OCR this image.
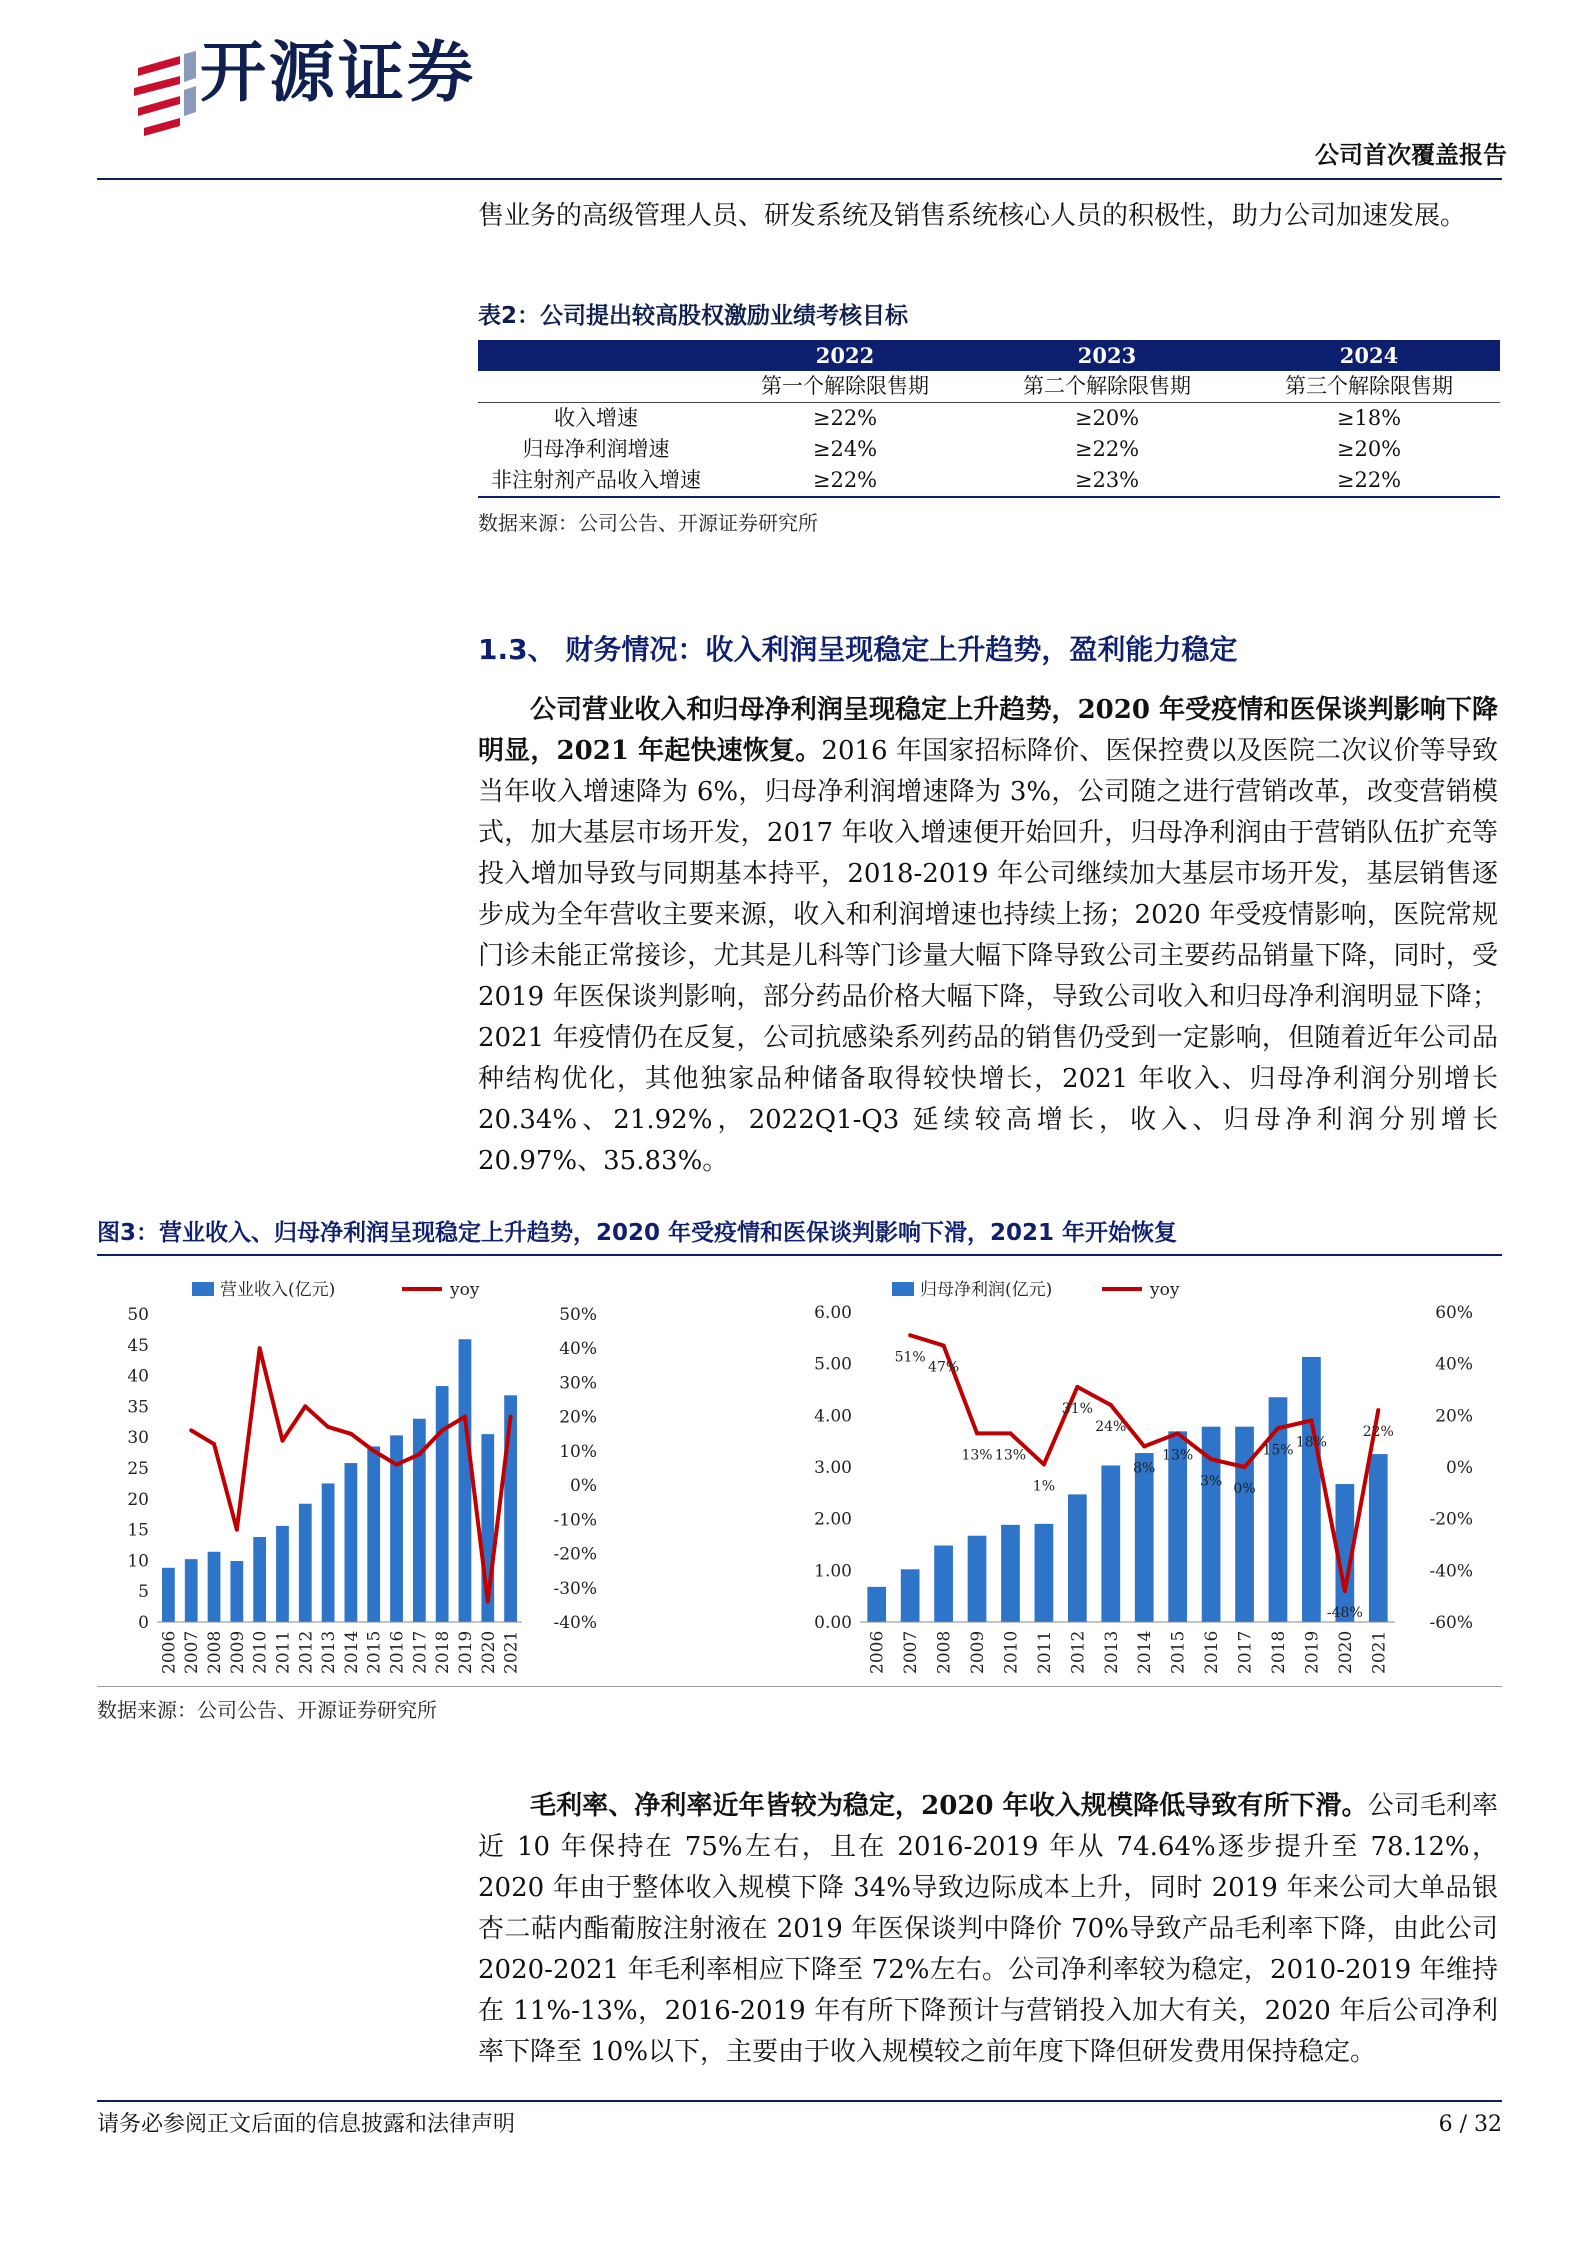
开源证券
公司首次覆盖报告

售业务的高级管理人员、研发系统及销售系统核心人员的积极性，助力公司加速发展。

表2：公司提出较高股权激励业绩考核目标
	2022	2023	2024
	第一个解除限售期	第二个解除限售期	第三个解除限售期
收入增速	≥22%	≥20%	≥18%
归母净利润增速	≥24%	≥22%	≥20%
非注射剂产品收入增速	≥22%	≥23%	≥22%
数据来源：公司公告、开源证券研究所
1.3、 财务情况：收入利润呈现稳定上升趋势，盈利能力稳定

公司营业收入和归母净利润呈现稳定上升趋势，2020 年受疫情和医保谈判影响下降明显，2021 年起快速恢复。2016 年国家招标降价、医保控费以及医院二次议价等导致当年收入增速降为 6%，归母净利润增速降为 3%，公司随之进行营销改革，改变营销模式，加大基层市场开发，2017 年收入增速便开始回升，归母净利润由于营销队伍扩充等投入增加导致与同期基本持平，2018-2019 年公司继续加大基层市场开发，基层销售逐步成为全年营收主要来源，收入和利润增速也持续上扬；2020 年受疫情影响，医院常规门诊未能正常接诊，尤其是儿科等门诊量大幅下降导致公司主要药品销量下降，同时，受 2019 年医保谈判影响，部分药品价格大幅下降，导致公司收入和归母净利润明显下降；2021 年疫情仍在反复，公司抗感染系列药品的销售仍受到一定影响，但随着近年公司品种结构优化，其他独家品种储备取得较快增长，2021 年收入、归母净利润分别增长 20.34%、21.92%，2022Q1-Q3 延续较高增长，收入、归母净利润分别增长 20.97%、35.83%。

图3：营业收入、归母净利润呈现稳定上升趋势，2020 年受疫情和医保谈判影响下滑，2021 年开始恢复
营业收入(亿元)	yoy
50
45
40
35
30
25
20
15
10
5
0
50%
40%
30%
20%
10%
0%
-10%
-20%
-30%
-40%
2006 2007 2008 2009 2010 2011 2012 2013 2014 2015 2016 2017 2018 2019 2020 2021
归母净利润(亿元)	yoy
6.00
5.00
4.00
3.00
2.00
1.00
0.00
60%
40%
20%
0%
-20%
-40%
-60%
2006 2007 2008 2009 2010 2011 2012 2013 2014 2015 2016 2017 2018 2019 2020 2021
51%
47%
13% 13%
1%
31%
24%
8%
13%
3% 0%
15% 18%
-48%
22%
数据来源：公司公告、开源证券研究所

毛利率、净利率近年皆较为稳定，2020 年收入规模降低导致有所下滑。公司毛利率近 10 年保持在 75%左右，且在 2016-2019 年从 74.64%逐步提升至 78.12%，2020 年由于整体收入规模下降 34%导致边际成本上升，同时 2019 年来公司大单品银杏二萜内酯葡胺注射液在 2019 年医保谈判中降价 70%导致产品毛利率下降，由此公司 2020-2021 年毛利率相应下降至 72%左右。公司净利率较为稳定，2010-2019 年维持在 11%-13%，2016-2019 年有所下降预计与营销投入加大有关，2020 年后公司净利率下降至 10%以下，主要由于收入规模较之前年度下降但研发费用保持稳定。

请务必参阅正文后面的信息披露和法律声明	6 / 32
